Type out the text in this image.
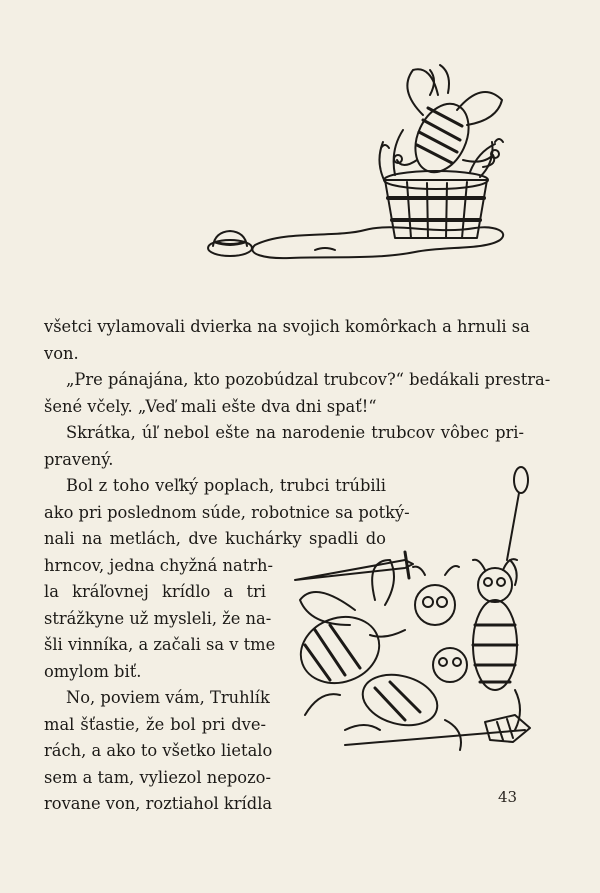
všetci vylamovali dvierka na svojich komôrkach a hrnuli sa
von.
„Pre pánajána, kto pozobúdzal trubcov?“ bedákali prestra-
šené včely. „Veď mali ešte dva dni spať!“
Skrátka, úľ nebol ešte na narodenie trubcov vôbec pri-
pravený.
Bol z toho veľký poplach, trubci trúbili
ako pri poslednom súde, robotnice sa potký-
nali na metlách, dve kuchárky spadli do
hrncov, jedna chyžná natrh-
la kráľovnej krídlo a tri
strážkyne už mysleli, že na-
šli vinníka, a začali sa v tme
omylom biť.
No, poviem vám, Truhlík
mal šťastie, že bol pri dve-
rách, a ako to všetko lietalo
sem a tam, vyliezol nepozo-
rovane von, roztiahol krídla	43
